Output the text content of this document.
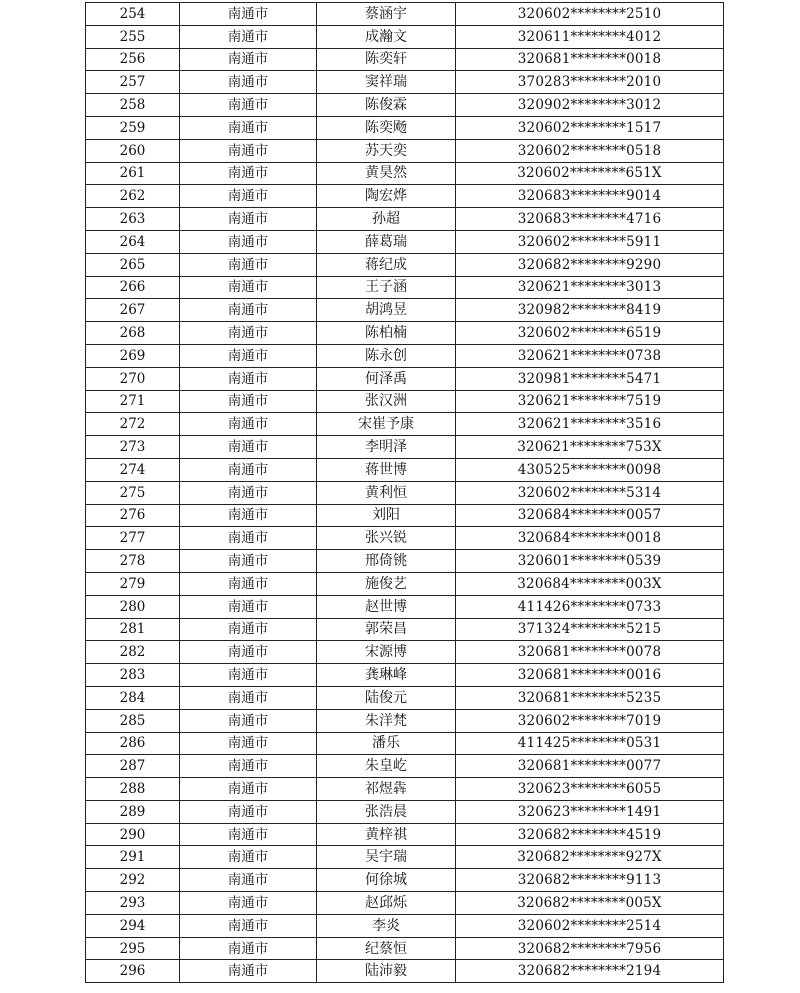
254	南通市	蔡涵宇	320602********2510
255	南通市	成瀚文	320611********4012
256	南通市	陈奕轩	320681********0018
257	南通市	窦祥瑞	370283********2010
258	南通市	陈俊霖	320902********3012
259	南通市	陈奕飏	320602********1517
260	南通市	苏天奕	320602********0518
261	南通市	黄昊然	320602********651X
262	南通市	陶宏烨	320683********9014
263	南通市	孙超	320683********4716
264	南通市	薛葛瑞	320602********5911
265	南通市	蒋纪成	320682********9290
266	南通市	王子涵	320621********3013
267	南通市	胡鸿昱	320982********8419
268	南通市	陈柏楠	320602********6519
269	南通市	陈永创	320621********0738
270	南通市	何泽禹	320981********5471
271	南通市	张汉洲	320621********7519
272	南通市	宋崔予康	320621********3516
273	南通市	李明泽	320621********753X
274	南通市	蒋世博	430525********0098
275	南通市	黄利恒	320602********5314
276	南通市	刘阳	320684********0057
277	南通市	张兴锐	320684********0018
278	南通市	邢倚铫	320601********0539
279	南通市	施俊艺	320684********003X
280	南通市	赵世博	411426********0733
281	南通市	郭荣昌	371324********5215
282	南通市	宋源博	320681********0078
283	南通市	龚琳峰	320681********0016
284	南通市	陆俊元	320681********5235
285	南通市	朱洋梵	320602********7019
286	南通市	潘乐	411425********0531
287	南通市	朱皇屹	320681********0077
288	南通市	祁煜犇	320623********6055
289	南通市	张浩晨	320623********1491
290	南通市	黄梓祺	320682********4519
291	南通市	吴宇瑞	320682********927X
292	南通市	何徐城	320682********9113
293	南通市	赵邱烁	320682********005X
294	南通市	李炎	320602********2514
295	南通市	纪蔡恒	320682********7956
296	南通市	陆沛毅	320682********2194
